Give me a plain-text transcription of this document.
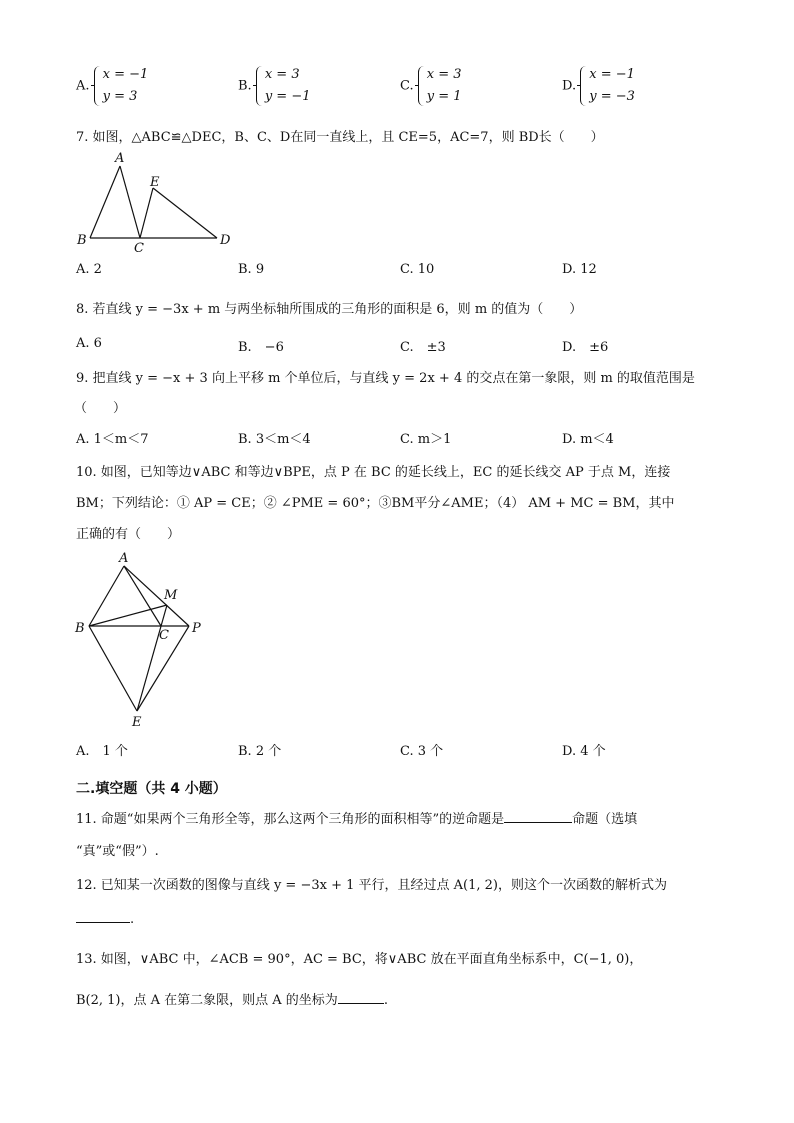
A.
x = −1
y = 3
B.
x = 3
y = −1
C.
x = 3
y = 1
D.
x = −1
y = −3
7. 如图，△ABC≌△DEC，B、C、D在同一直线上，且 CE=5，AC=7，则 BD长（　　）
A
E
B
C
D
A. 2	B. 9	C. 10	D. 12
8. 若直线 y = −3x + m 与两坐标轴所围成的三角形的面积是 6，则 m 的值为（　　）
A. 6	B.　−6	C.　±3	D.　±6
9. 把直线 y = −x + 3 向上平移 m 个单位后，与直线 y = 2x + 4 的交点在第一象限，则 m 的取值范围是
（　　）
A. 1＜m＜7	B. 3＜m＜4	C. m＞1	D. m＜4
10. 如图，已知等边∨ABC 和等边∨BPE，点 P 在 BC 的延长线上，EC 的延长线交 AP 于点 M，连接
BM；下列结论：① AP = CE；② ∠PME = 60°；③BM平分∠AME；（4） AM + MC = BM，其中
正确的有（　　）
A
M
B	C P
E
A.　1 个	B. 2 个	C. 3 个	D. 4 个
二.填空题（共 4 小题）
11. 命题“如果两个三角形全等，那么这两个三角形的面积相等”的逆命题是	命题（选填
“真”或“假”）.
12. 已知某一次函数的图像与直线 y = −3x + 1 平行，且经过点 A(1, 2)，则这个一次函数的解析式为
.
13. 如图，∨ABC 中，∠ACB = 90°，AC = BC，将∨ABC 放在平面直角坐标系中，C(−1, 0)，
B(2, 1)，点 A 在第二象限，则点 A 的坐标为	.
